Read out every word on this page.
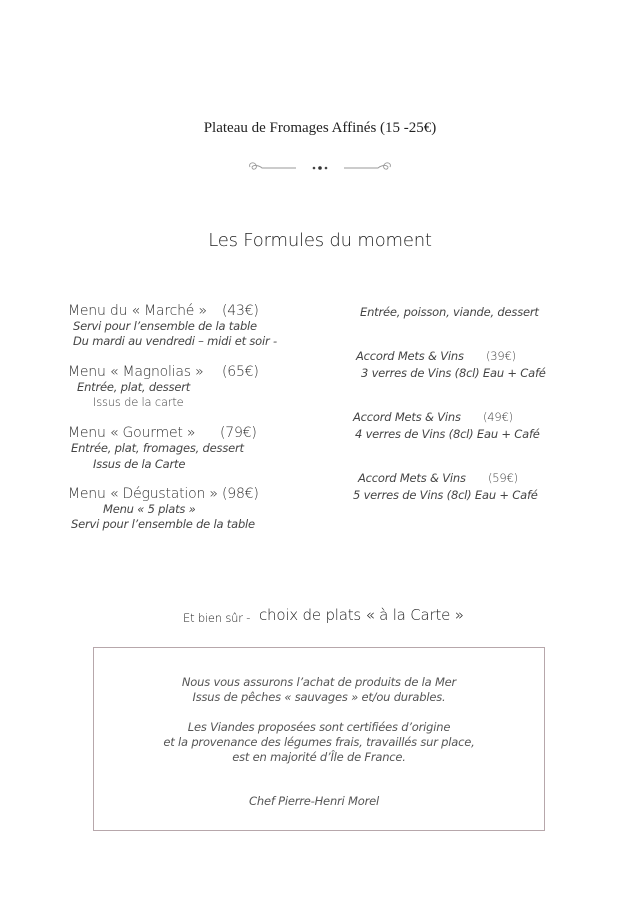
Plateau de Fromages Affinés (15 -25€)
Les Formules du moment
Menu du « Marché » (43€)
Servi pour l’ensemble de la table
Du mardi au vendredi – midi et soir -
Menu « Magnolias » (65€)
Entrée, plat, dessert
Issus de la carte
Menu « Gourmet » (79€)
Entrée, plat, fromages, dessert
Issus de la Carte
Menu « Dégustation » (98€)
Menu « 5 plats »
Servi pour l’ensemble de la table
Entrée, poisson, viande, dessert
Accord Mets & Vins (39€)
3 verres de Vins (8cl) Eau + Café
Accord Mets & Vins (49€)
4 verres de Vins (8cl) Eau + Café
Accord Mets & Vins (59€)
5 verres de Vins (8cl) Eau + Café
Et bien sûr - choix de plats « à la Carte »
Nous vous assurons l’achat de produits de la Mer
Issus de pêches « sauvages » et/ou durables.
Les Viandes proposées sont certifiées d’origine
et la provenance des légumes frais, travaillés sur place,
est en majorité d’Île de France.
Chef Pierre-Henri Morel
